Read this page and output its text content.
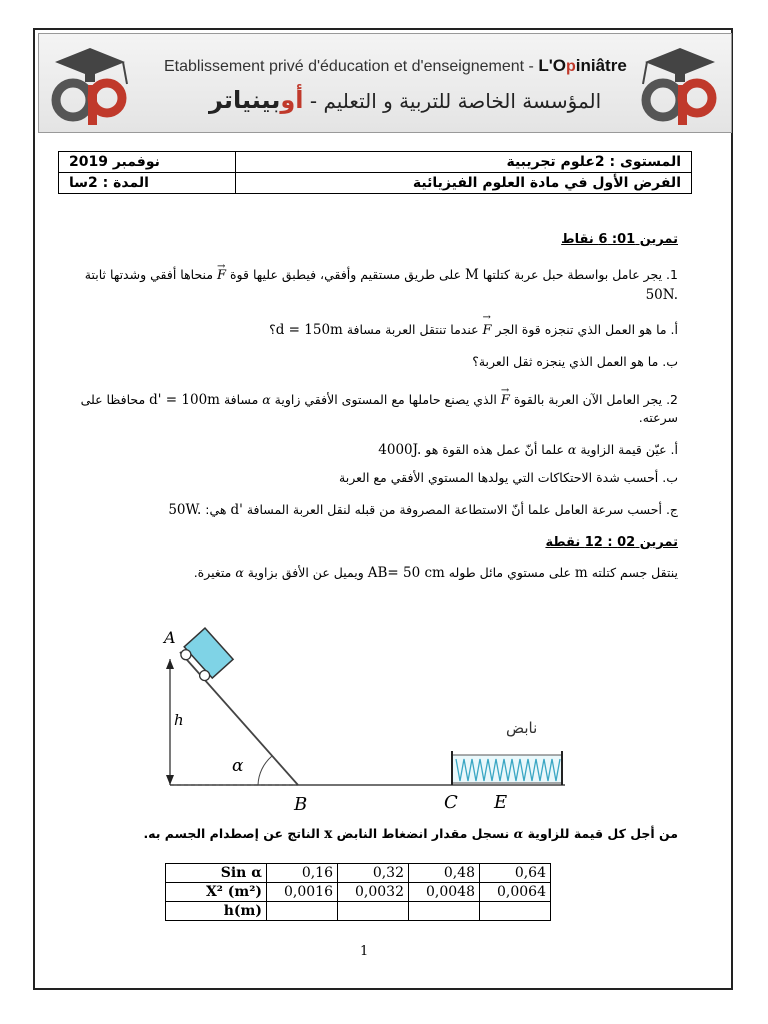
Etablissement privé d'éducation et d'enseignement - L'Opiniâtre
المؤسسة الخاصة للتربية و التعليم - أوبينياتر
نوفمبر 2019	المستوى : 2علوم تجريبية
المدة : 2سا	الفرض الأول في مادة العلوم الفيزيائية
تمرين 01: 6 نقاط
1. يجر عامل بواسطة حبل عربة كتلتها M على طريق مستقيم وأفقي، فيطبق عليها قوة → F منحاها أفقي وشدتها ثابتة
50N.
أ. ما هو العمل الذي تنجزه قوة الجر → F عندما تنتقل العربة مسافة d = 150m؟
ب. ما هو العمل الذي ينجزه ثقل العربة؟
2. يجر العامل الآن العربة بالقوة → F الذي يصنع حاملها مع المستوى الأفقي زاوية α مسافة d' = 100m محافظا على سرعته.
أ. عيّن قيمة الزاوية α علما أنّ عمل هذه القوة هو 4000J.
ب. أحسب شدة الاحتكاكات التي يولدها المستوي الأفقي مع العربة
ج. أحسب سرعة العامل علما أنّ الاستطاعة المصروفة من قبله لنقل العربة المسافة d' هي: 50W.
تمرين 02 : 12 نقطة
ينتقل جسم كتلته m على مستوي مائل طوله AB= 50 cm ويميل عن الأفق بزاوية α متغيرة.
A
h
α
B	C E
نابض
من أجل كل قيمة للزاوية α نسجل مقدار انضغاط النابض x الناتج عن إصطدام الجسم به.
Sin α	0,16	0,32	0,48	0,64
X² (m²)	0,0016	0,0032	0,0048	0,0064
h(m)				
1
